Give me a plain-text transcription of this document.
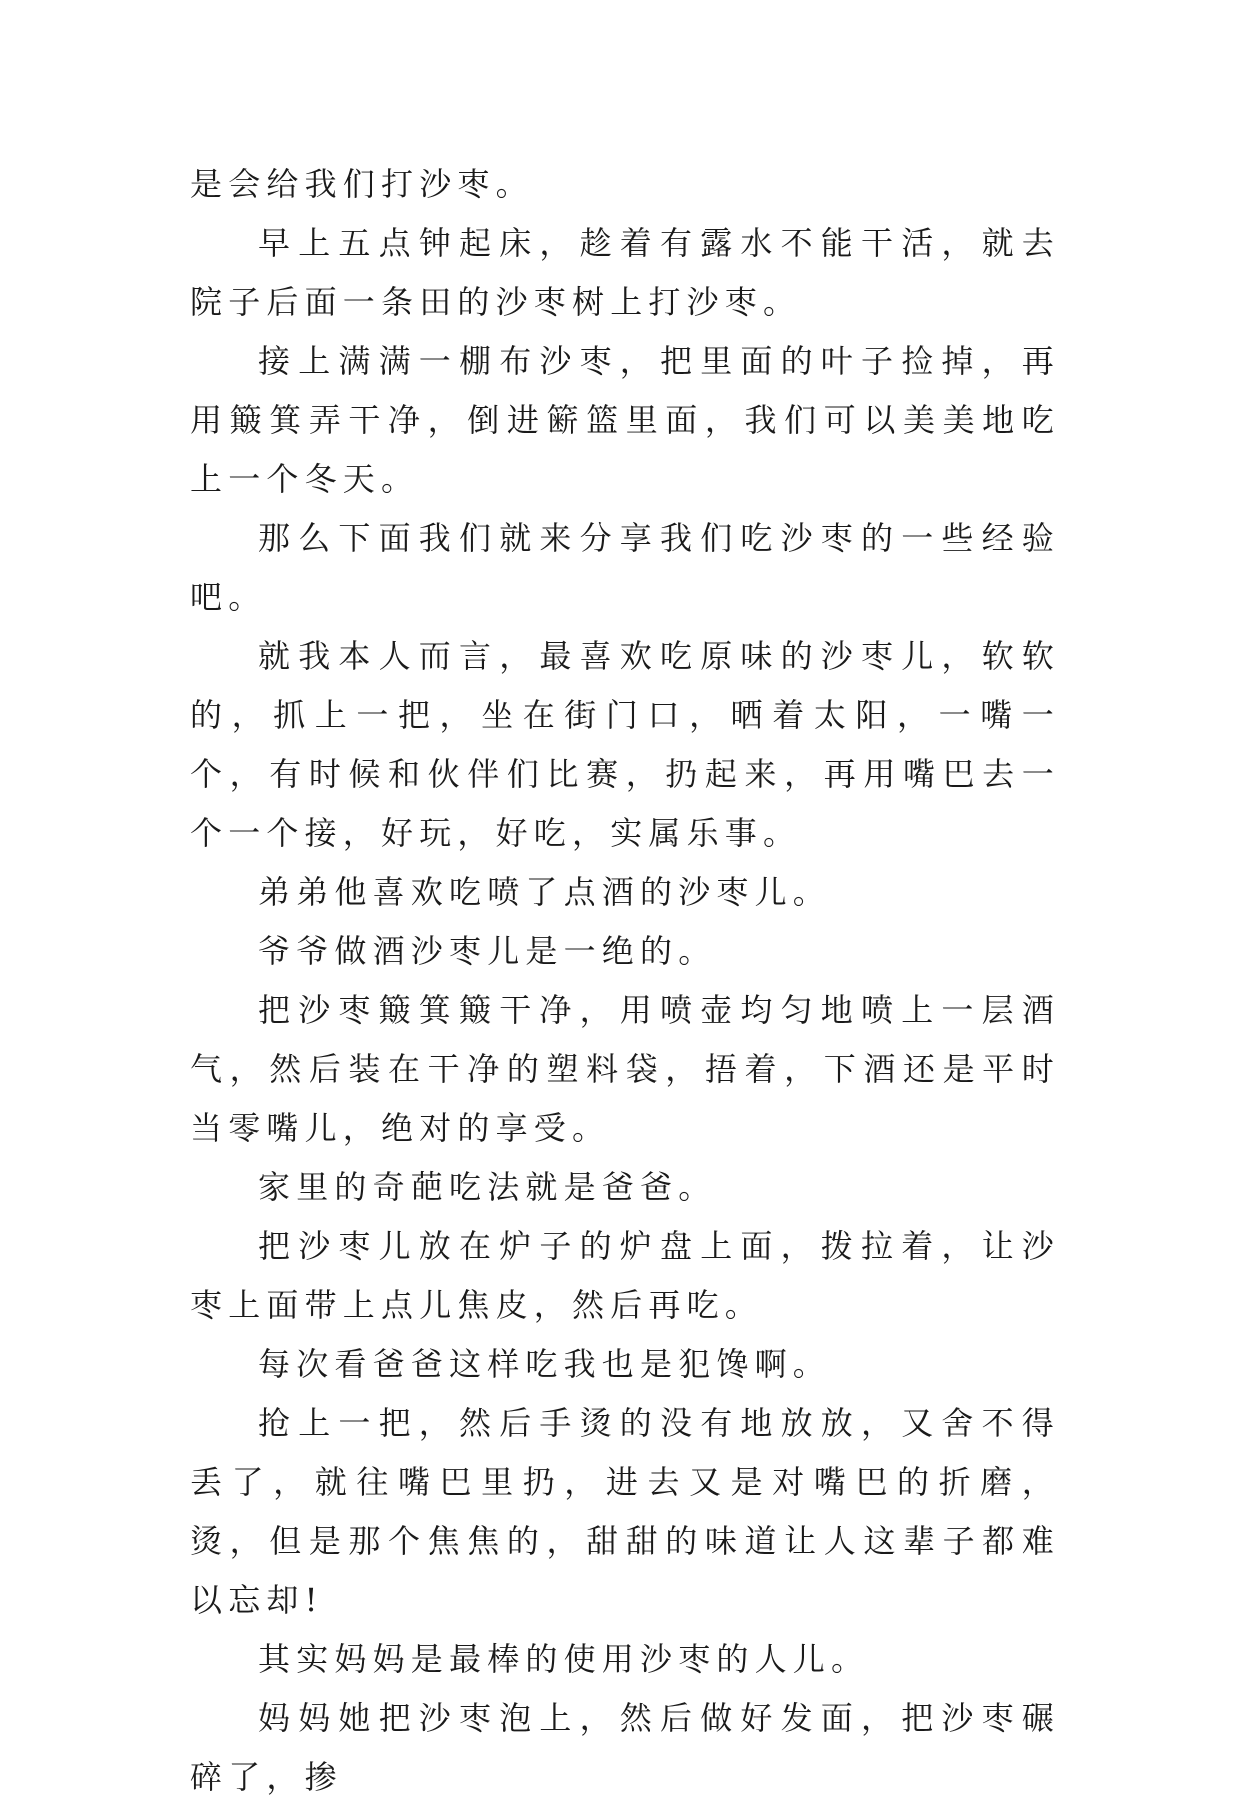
是会给我们打沙枣。

早上五点钟起床，趁着有露水不能干活，就去院子后面一条田的沙枣树上打沙枣。

接上满满一棚布沙枣，把里面的叶子捡掉，再用簸箕弄干净，倒进簖篮里面，我们可以美美地吃上一个冬天。

那么下面我们就来分享我们吃沙枣的一些经验吧。

就我本人而言，最喜欢吃原味的沙枣儿，软软的，抓上一把，坐在街门口，晒着太阳，一嘴一个，有时候和伙伴们比赛，扔起来，再用嘴巴去一个一个接，好玩，好吃，实属乐事。

弟弟他喜欢吃喷了点酒的沙枣儿。

爷爷做酒沙枣儿是一绝的。

把沙枣簸箕簸干净，用喷壶均匀地喷上一层酒气，然后装在干净的塑料袋，捂着，下酒还是平时当零嘴儿，绝对的享受。

家里的奇葩吃法就是爸爸。

把沙枣儿放在炉子的炉盘上面，拨拉着，让沙枣上面带上点儿焦皮，然后再吃。

每次看爸爸这样吃我也是犯馋啊。

抢上一把，然后手烫的没有地放放，又舍不得丢了，就往嘴巴里扔，进去又是对嘴巴的折磨，烫，但是那个焦焦的，甜甜的味道让人这辈子都难以忘却!

其实妈妈是最棒的使用沙枣的人儿。

妈妈她把沙枣泡上，然后做好发面，把沙枣碾碎了，掺
